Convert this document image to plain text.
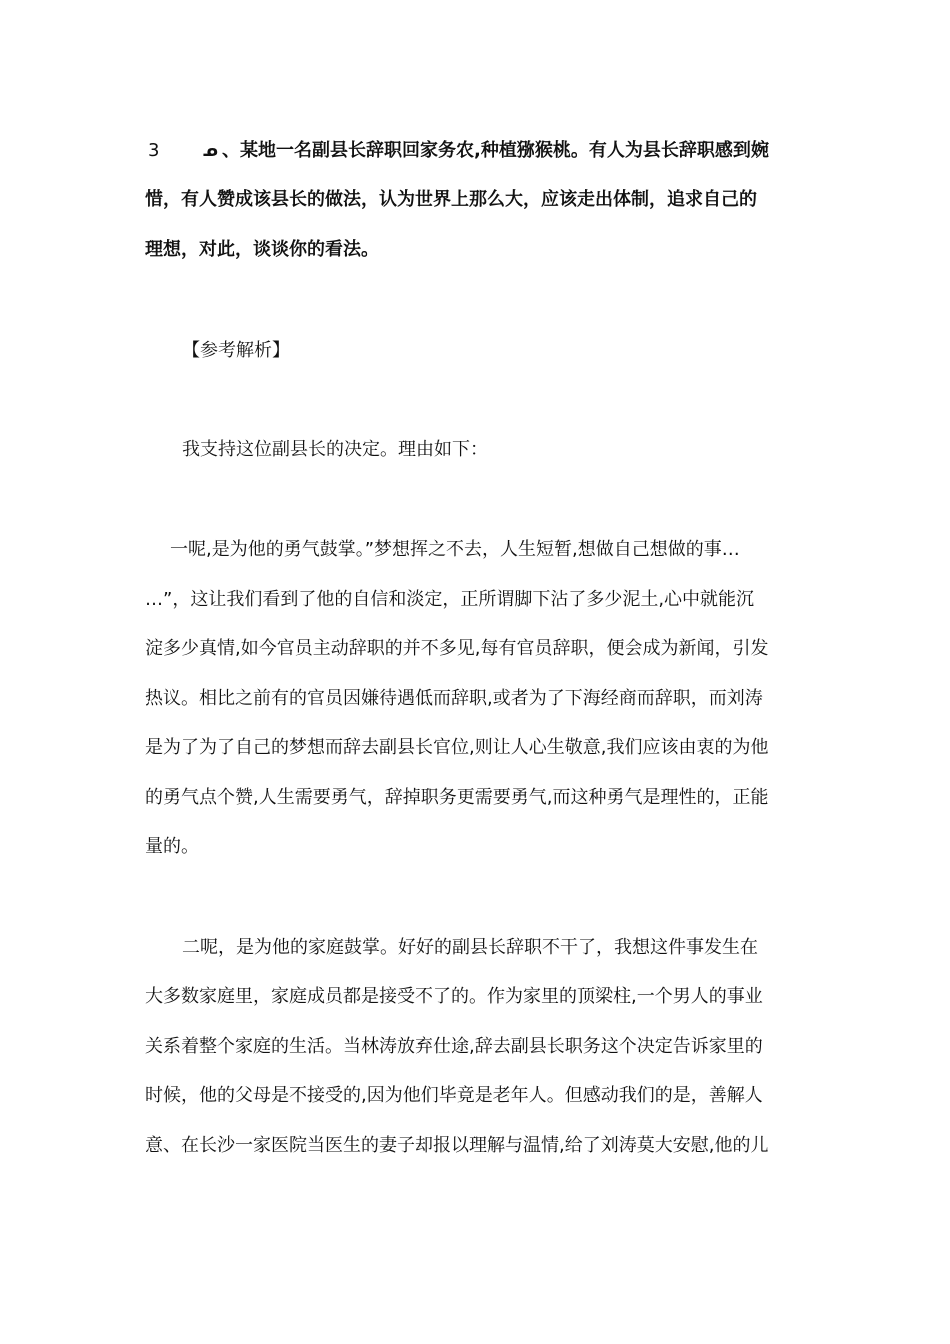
3	ᓄ 、某地一名副县长辞职回家务农,种植猕猴桃。有人为县长辞职感到婉
惜，有人赞成该县长的做法，认为世界上那么大，应该走出体制，追求自己的
理想，对此，谈谈你的看法。
【参考解析】
我支持这位副县长的决定。理由如下：
一呢,是为他的勇气鼓掌。”梦想挥之不去，人生短暂,想做自己想做的事…
…”，这让我们看到了他的自信和淡定，正所谓脚下沾了多少泥土,心中就能沉
淀多少真情,如今官员主动辞职的并不多见,每有官员辞职，便会成为新闻，引发
热议。相比之前有的官员因嫌待遇低而辞职,或者为了下海经商而辞职，而刘涛
是为了为了自己的梦想而辞去副县长官位,则让人心生敬意,我们应该由衷的为他
的勇气点个赞,人生需要勇气，辞掉职务更需要勇气,而这种勇气是理性的，正能
量的。
二呢，是为他的家庭鼓掌。好好的副县长辞职不干了，我想这件事发生在
大多数家庭里，家庭成员都是接受不了的。作为家里的顶梁柱,一个男人的事业
关系着整个家庭的生活。当林涛放弃仕途,辞去副县长职务这个决定告诉家里的
时候，他的父母是不接受的,因为他们毕竟是老年人。但感动我们的是，善解人
意、在长沙一家医院当医生的妻子却报以理解与温情,给了刘涛莫大安慰,他的儿
